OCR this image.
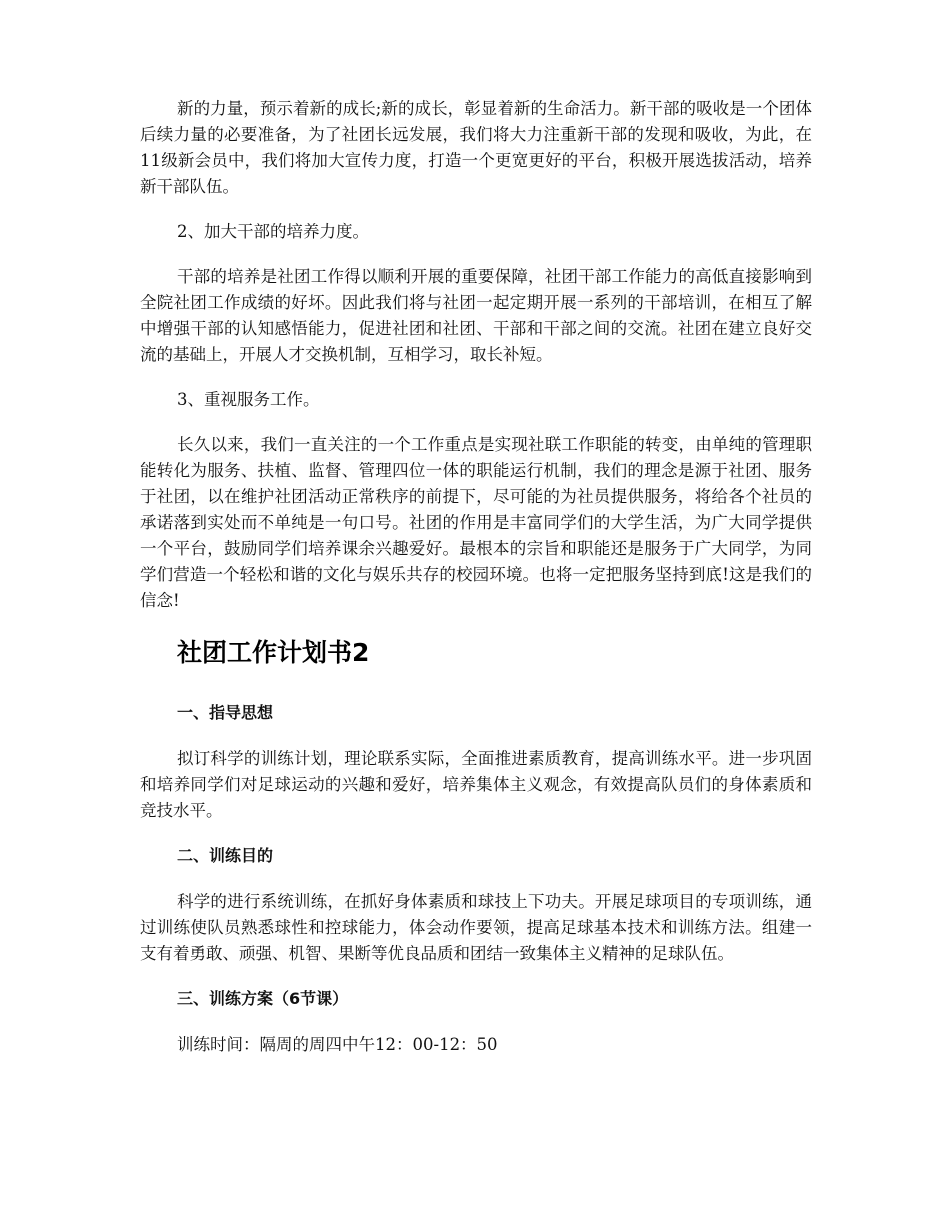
新的力量，预示着新的成长;新的成长，彰显着新的生命活力。新干部的吸收是一个团体后续力量的必要准备，为了社团长远发展，我们将大力注重新干部的发现和吸收，为此，在11级新会员中，我们将加大宣传力度，打造一个更宽更好的平台，积极开展选拔活动，培养新干部队伍。

2、加大干部的培养力度。

干部的培养是社团工作得以顺利开展的重要保障，社团干部工作能力的高低直接影响到全院社团工作成绩的好坏。因此我们将与社团一起定期开展一系列的干部培训，在相互了解中增强干部的认知感悟能力，促进社团和社团、干部和干部之间的交流。社团在建立良好交流的基础上，开展人才交换机制，互相学习，取长补短。

3、重视服务工作。

长久以来，我们一直关注的一个工作重点是实现社联工作职能的转变，由单纯的管理职能转化为服务、扶植、监督、管理四位一体的职能运行机制，我们的理念是源于社团、服务于社团，以在维护社团活动正常秩序的前提下，尽可能的为社员提供服务，将给各个社员的承诺落到实处而不单纯是一句口号。社团的作用是丰富同学们的大学生活，为广大同学提供一个平台，鼓励同学们培养课余兴趣爱好。最根本的宗旨和职能还是服务于广大同学，为同学们营造一个轻松和谐的文化与娱乐共存的校园环境。也将一定把服务坚持到底!这是我们的信念!

社团工作计划书2
一、指导思想

拟订科学的训练计划，理论联系实际，全面推进素质教育，提高训练水平。进一步巩固和培养同学们对足球运动的兴趣和爱好，培养集体主义观念，有效提高队员们的身体素质和竞技水平。

二、训练目的

科学的进行系统训练，在抓好身体素质和球技上下功夫。开展足球项目的专项训练，通过训练使队员熟悉球性和控球能力，体会动作要领，提高足球基本技术和训练方法。组建一支有着勇敢、顽强、机智、果断等优良品质和团结一致集体主义精神的足球队伍。

三、训练方案（6节课）

训练时间：隔周的周四中午12：00-12：50
